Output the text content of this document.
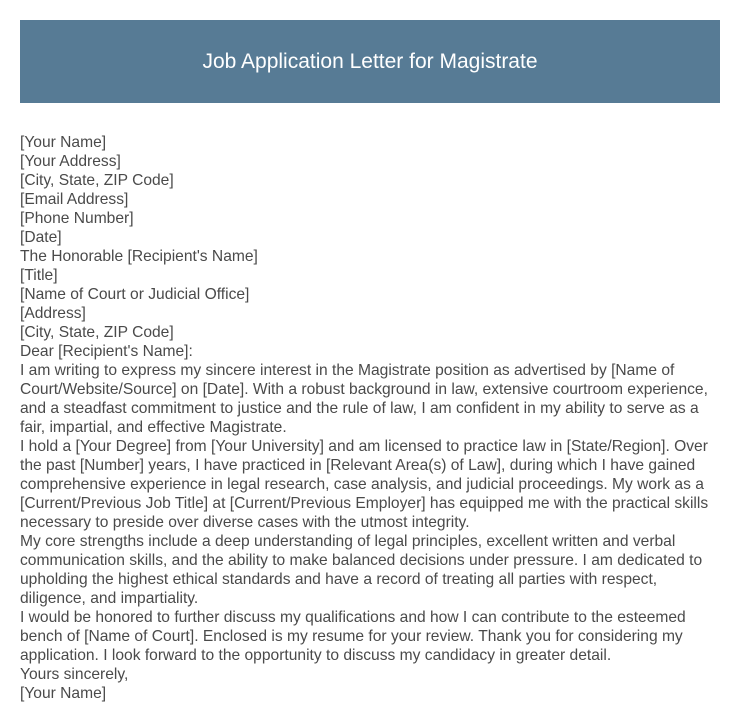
Job Application Letter for Magistrate
[Your Name]
[Your Address]
[City, State, ZIP Code]
[Email Address]
[Phone Number]
[Date]
The Honorable [Recipient's Name]
[Title]
[Name of Court or Judicial Office]
[Address]
[City, State, ZIP Code]
Dear [Recipient's Name]:

I am writing to express my sincere interest in the Magistrate position as advertised by [Name of Court/Website/Source] on [Date]. With a robust background in law, extensive courtroom experience, and a steadfast commitment to justice and the rule of law, I am confident in my ability to serve as a fair, impartial, and effective Magistrate.

I hold a [Your Degree] from [Your University] and am licensed to practice law in [State/Region]. Over the past [Number] years, I have practiced in [Relevant Area(s) of Law], during which I have gained comprehensive experience in legal research, case analysis, and judicial proceedings. My work as a [Current/Previous Job Title] at [Current/Previous Employer] has equipped me with the practical skills necessary to preside over diverse cases with the utmost integrity.

My core strengths include a deep understanding of legal principles, excellent written and verbal communication skills, and the ability to make balanced decisions under pressure. I am dedicated to upholding the highest ethical standards and have a record of treating all parties with respect, diligence, and impartiality.

I would be honored to further discuss my qualifications and how I can contribute to the esteemed bench of [Name of Court]. Enclosed is my resume for your review. Thank you for considering my application. I look forward to the opportunity to discuss my candidacy in greater detail.

Yours sincerely,
[Your Name]
